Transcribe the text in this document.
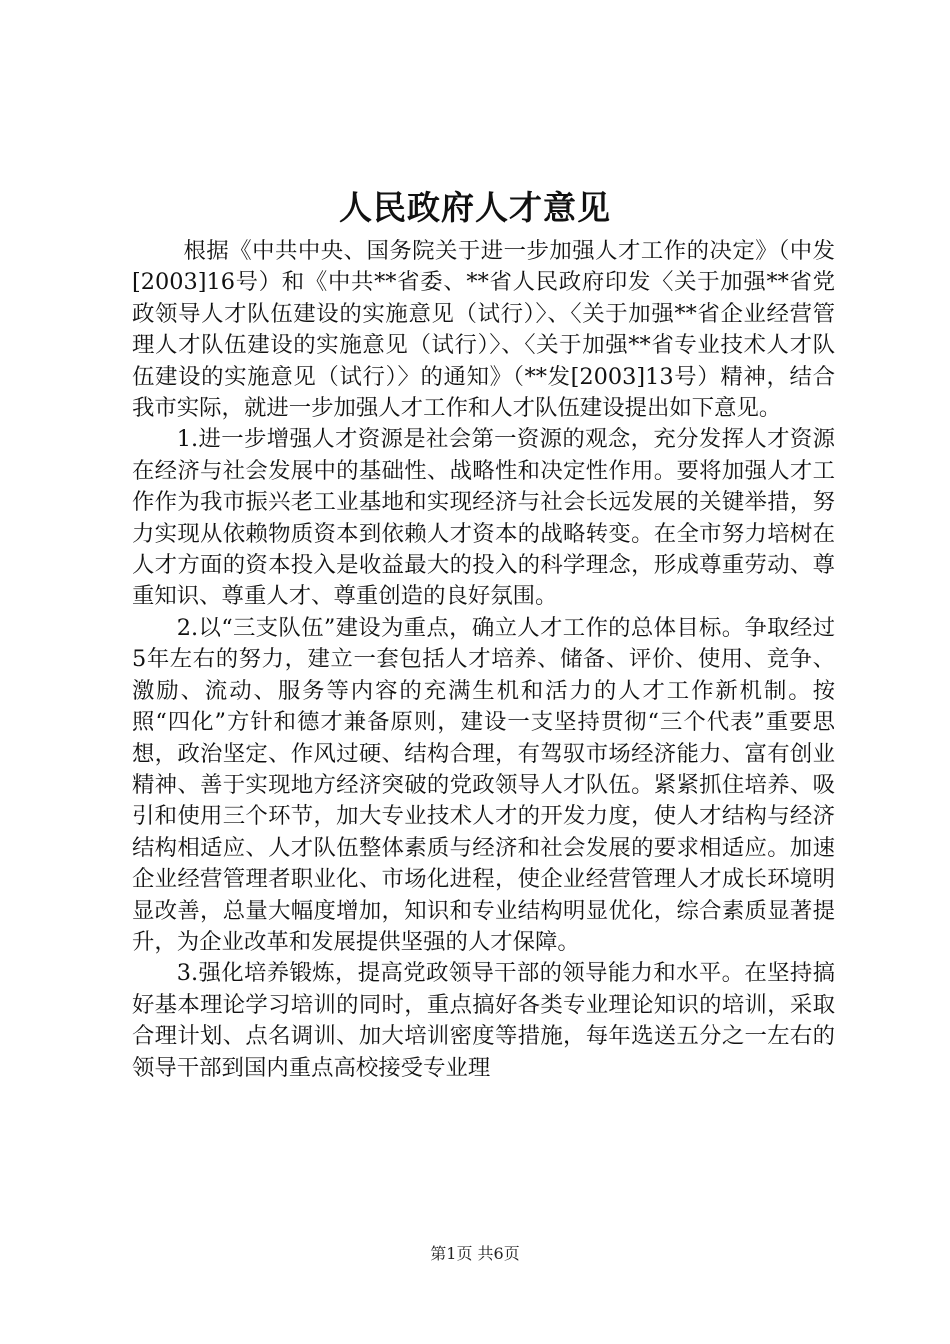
人民政府人才意见

根据《中共中央、国务院关于进一步加强人才工作的决定》（中发[2003]16号）和《中共**省委、**省人民政府印发〈关于加强**省党政领导人才队伍建设的实施意见（试行）〉、〈关于加强**省企业经营管理人才队伍建设的实施意见（试行）〉、〈关于加强**省专业技术人才队伍建设的实施意见（试行）〉的通知》（**发[2003]13号）精神，结合我市实际，就进一步加强人才工作和人才队伍建设提出如下意见。

1.进一步增强人才资源是社会第一资源的观念，充分发挥人才资源在经济与社会发展中的基础性、战略性和决定性作用。要将加强人才工作作为我市振兴老工业基地和实现经济与社会长远发展的关键举措，努力实现从依赖物质资本到依赖人才资本的战略转变。在全市努力培树在人才方面的资本投入是收益最大的投入的科学理念，形成尊重劳动、尊重知识、尊重人才、尊重创造的良好氛围。

2.以“三支队伍”建设为重点，确立人才工作的总体目标。争取经过5年左右的努力，建立一套包括人才培养、储备、评价、使用、竞争、激励、流动、服务等内容的充满生机和活力的人才工作新机制。按照“四化”方针和德才兼备原则，建设一支坚持贯彻“三个代表”重要思想，政治坚定、作风过硬、结构合理，有驾驭市场经济能力、富有创业精神、善于实现地方经济突破的党政领导人才队伍。紧紧抓住培养、吸引和使用三个环节，加大专业技术人才的开发力度，使人才结构与经济结构相适应、人才队伍整体素质与经济和社会发展的要求相适应。加速企业经营管理者职业化、市场化进程，使企业经营管理人才成长环境明显改善，总量大幅度增加，知识和专业结构明显优化，综合素质显著提升，为企业改革和发展提供坚强的人才保障。

3.强化培养锻炼，提高党政领导干部的领导能力和水平。在坚持搞好基本理论学习培训的同时，重点搞好各类专业理论知识的培训，采取合理计划、点名调训、加大培训密度等措施，每年选送五分之一左右的领导干部到国内重点高校接受专业理

第1页 共6页
